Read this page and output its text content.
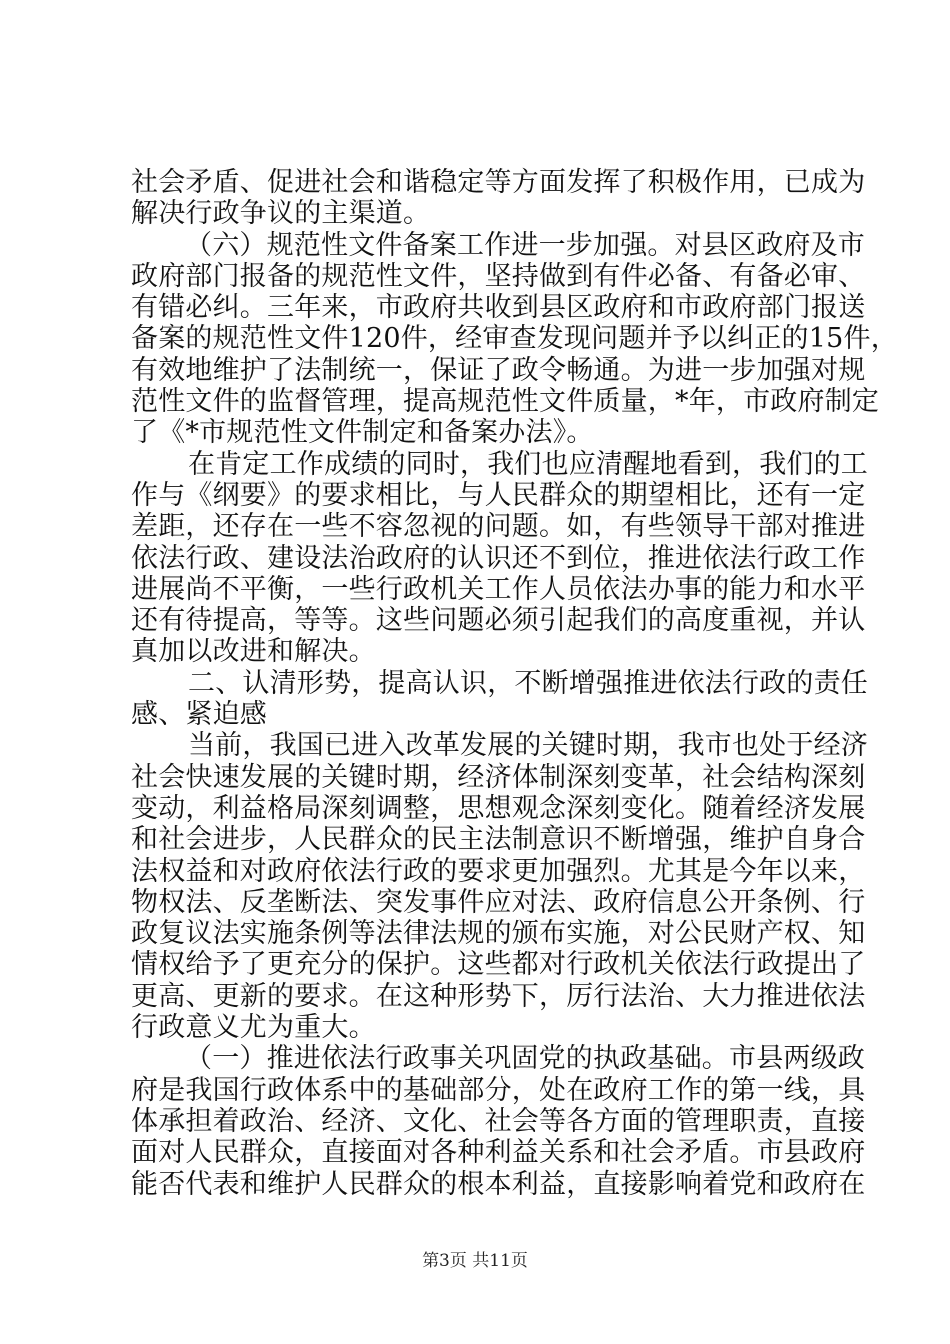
社会矛盾、促进社会和谐稳定等方面发挥了积极作用，已成为
解决行政争议的主渠道。
（六）规范性文件备案工作进一步加强。对县区政府及市
政府部门报备的规范性文件，坚持做到有件必备、有备必审、
有错必纠。三年来，市政府共收到县区政府和市政府部门报送
备案的规范性文件120件，经审查发现问题并予以纠正的15件，
有效地维护了法制统一，保证了政令畅通。为进一步加强对规
范性文件的监督管理，提高规范性文件质量，*年，市政府制定
了《*市规范性文件制定和备案办法》。
在肯定工作成绩的同时，我们也应清醒地看到，我们的工
作与《纲要》的要求相比，与人民群众的期望相比，还有一定
差距，还存在一些不容忽视的问题。如，有些领导干部对推进
依法行政、建设法治政府的认识还不到位，推进依法行政工作
进展尚不平衡，一些行政机关工作人员依法办事的能力和水平
还有待提高，等等。这些问题必须引起我们的高度重视，并认
真加以改进和解决。
二、认清形势，提高认识，不断增强推进依法行政的责任
感、紧迫感
当前，我国已进入改革发展的关键时期，我市也处于经济
社会快速发展的关键时期，经济体制深刻变革，社会结构深刻
变动，利益格局深刻调整，思想观念深刻变化。随着经济发展
和社会进步，人民群众的民主法制意识不断增强，维护自身合
法权益和对政府依法行政的要求更加强烈。尤其是今年以来，
物权法、反垄断法、突发事件应对法、政府信息公开条例、行
政复议法实施条例等法律法规的颁布实施，对公民财产权、知
情权给予了更充分的保护。这些都对行政机关依法行政提出了
更高、更新的要求。在这种形势下，厉行法治、大力推进依法
行政意义尤为重大。
（一）推进依法行政事关巩固党的执政基础。市县两级政
府是我国行政体系中的基础部分，处在政府工作的第一线，具
体承担着政治、经济、文化、社会等各方面的管理职责，直接
面对人民群众，直接面对各种利益关系和社会矛盾。市县政府
能否代表和维护人民群众的根本利益，直接影响着党和政府在
第3页 共11页
